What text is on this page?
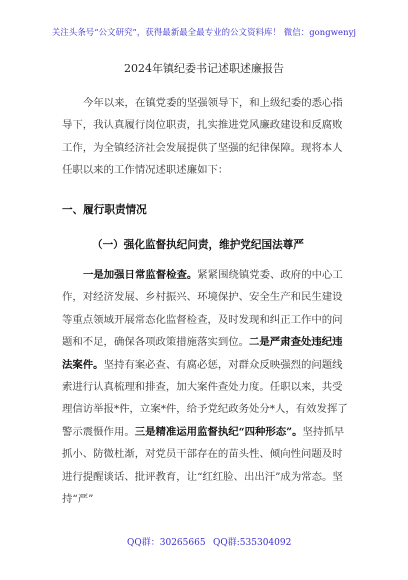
关注头条号“公文研究”，获得最新最全最专业的公文资料库！ 微信：gongwenyj
2024年镇纪委书记述职述廉报告

今年以来，在镇党委的坚强领导下，和上级纪委的悉心指导下，我认真履行岗位职责，扎实推进党风廉政建设和反腐败工作，为全镇经济社会发展提供了坚强的纪律保障。现将本人任职以来的工作情况述职述廉如下：

一、履行职责情况

（一）强化监督执纪问责，维护党纪国法尊严

一是加强日常监督检查。紧紧围绕镇党委、政府的中心工作，对经济发展、乡村振兴、环境保护、安全生产和民生建设等重点领域开展常态化监督检查，及时发现和纠正工作中的问题和不足，确保各项政策措施落实到位。二是严肃查处违纪违法案件。坚持有案必查、有腐必惩，对群众反映强烈的问题线索进行认真梳理和排查，加大案件查处力度。任职以来，共受理信访举报*件，立案*件，给予党纪政务处分*人，有效发挥了警示震慑作用。三是精准运用监督执纪“四种形态”。坚持抓早抓小、防微杜渐，对党员干部存在的苗头性、倾向性问题及时进行提醒谈话、批评教育，让“红红脸、出出汗”成为常态。坚持“严”

QQ群：30265665 QQ群:535304092
